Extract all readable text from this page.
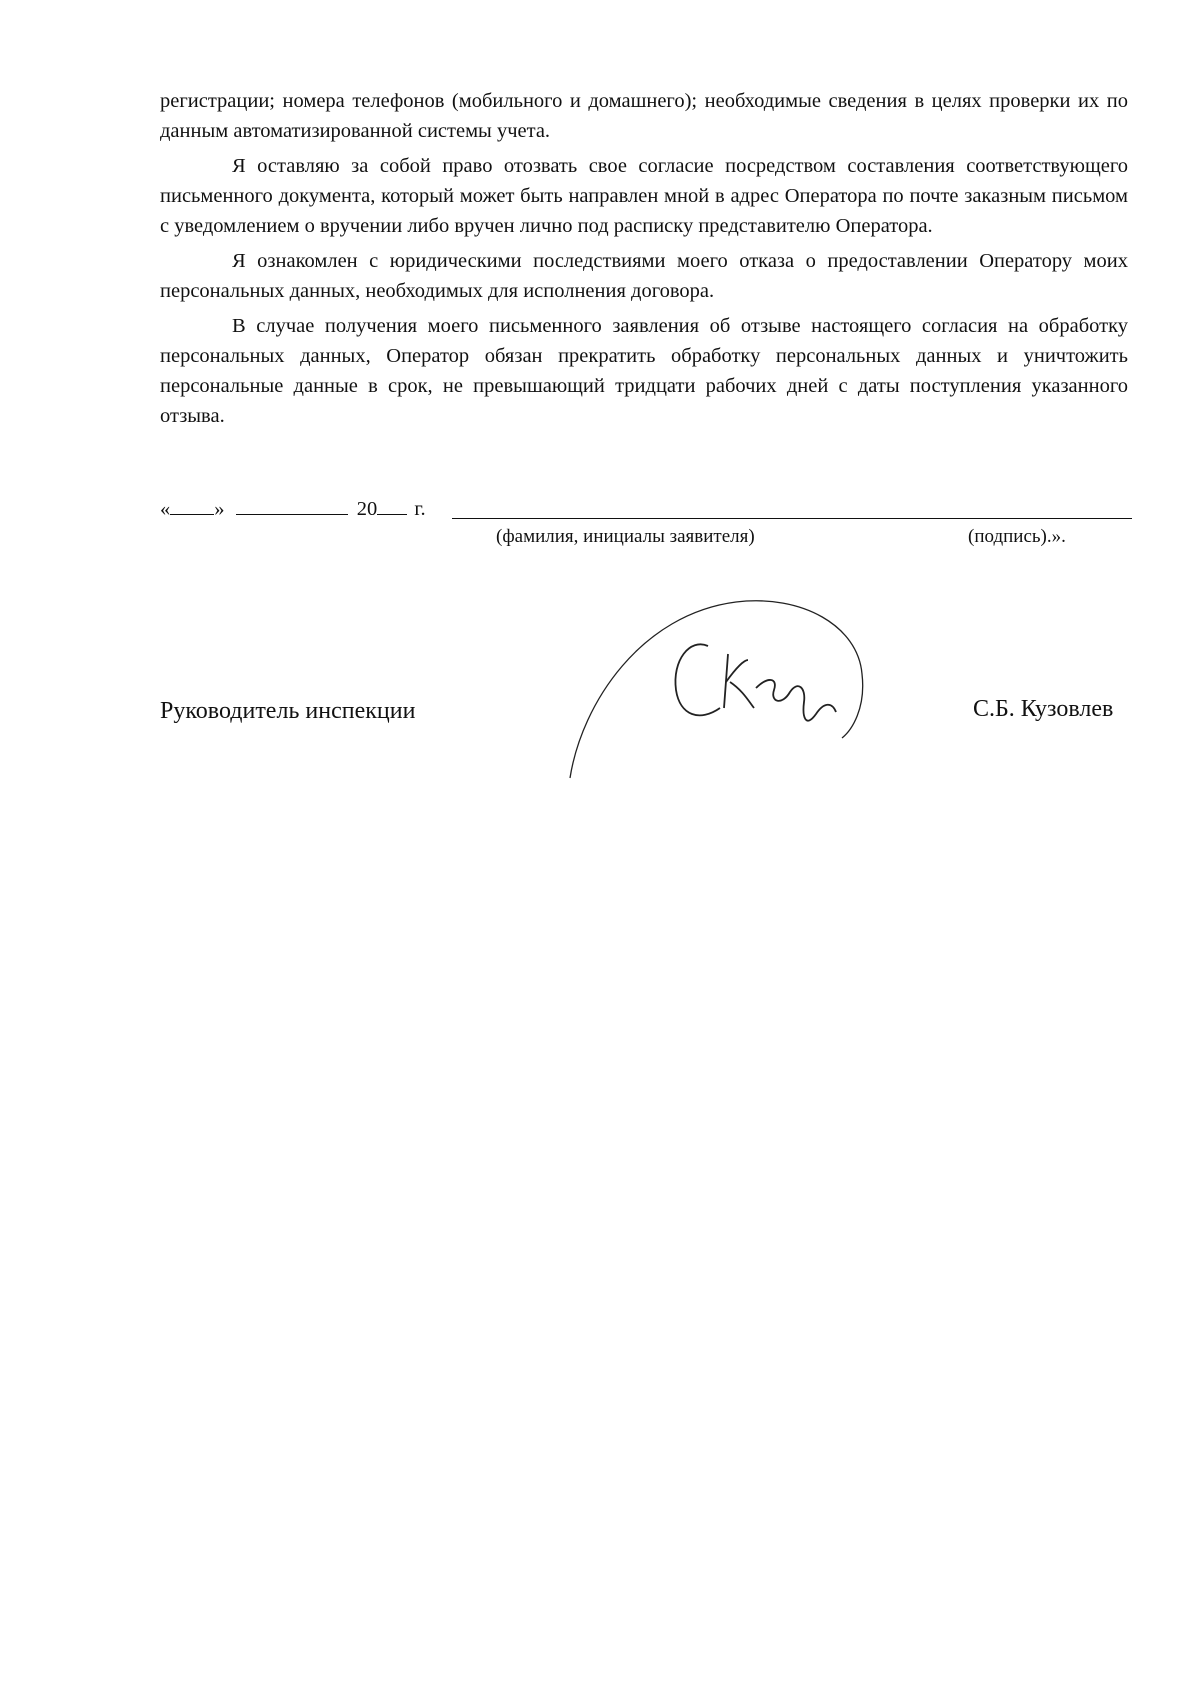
регистрации; номера телефонов (мобильного и домашнего); необходимые сведения в целях проверки их по данным автоматизированной системы учета.

Я оставляю за собой право отозвать свое согласие посредством составления соответствующего письменного документа, который может быть направлен мной в адрес Оператора по почте заказным письмом с уведомлением о вручении либо вручен лично под расписку представителю Оператора.

Я ознакомлен с юридическими последствиями моего отказа о предоставлении Оператору моих персональных данных, необходимых для исполнения договора.

В случае получения моего письменного заявления об отзыве настоящего согласия на обработку персональных данных, Оператор обязан прекратить обработку персональных данных и уничтожить персональные данные в срок, не превышающий тридцати рабочих дней с даты поступления указанного отзыва.

« »	20 г.
(фамилия, инициалы заявителя)	(подпись).».
Руководитель инспекции	С.Б. Кузовлев
